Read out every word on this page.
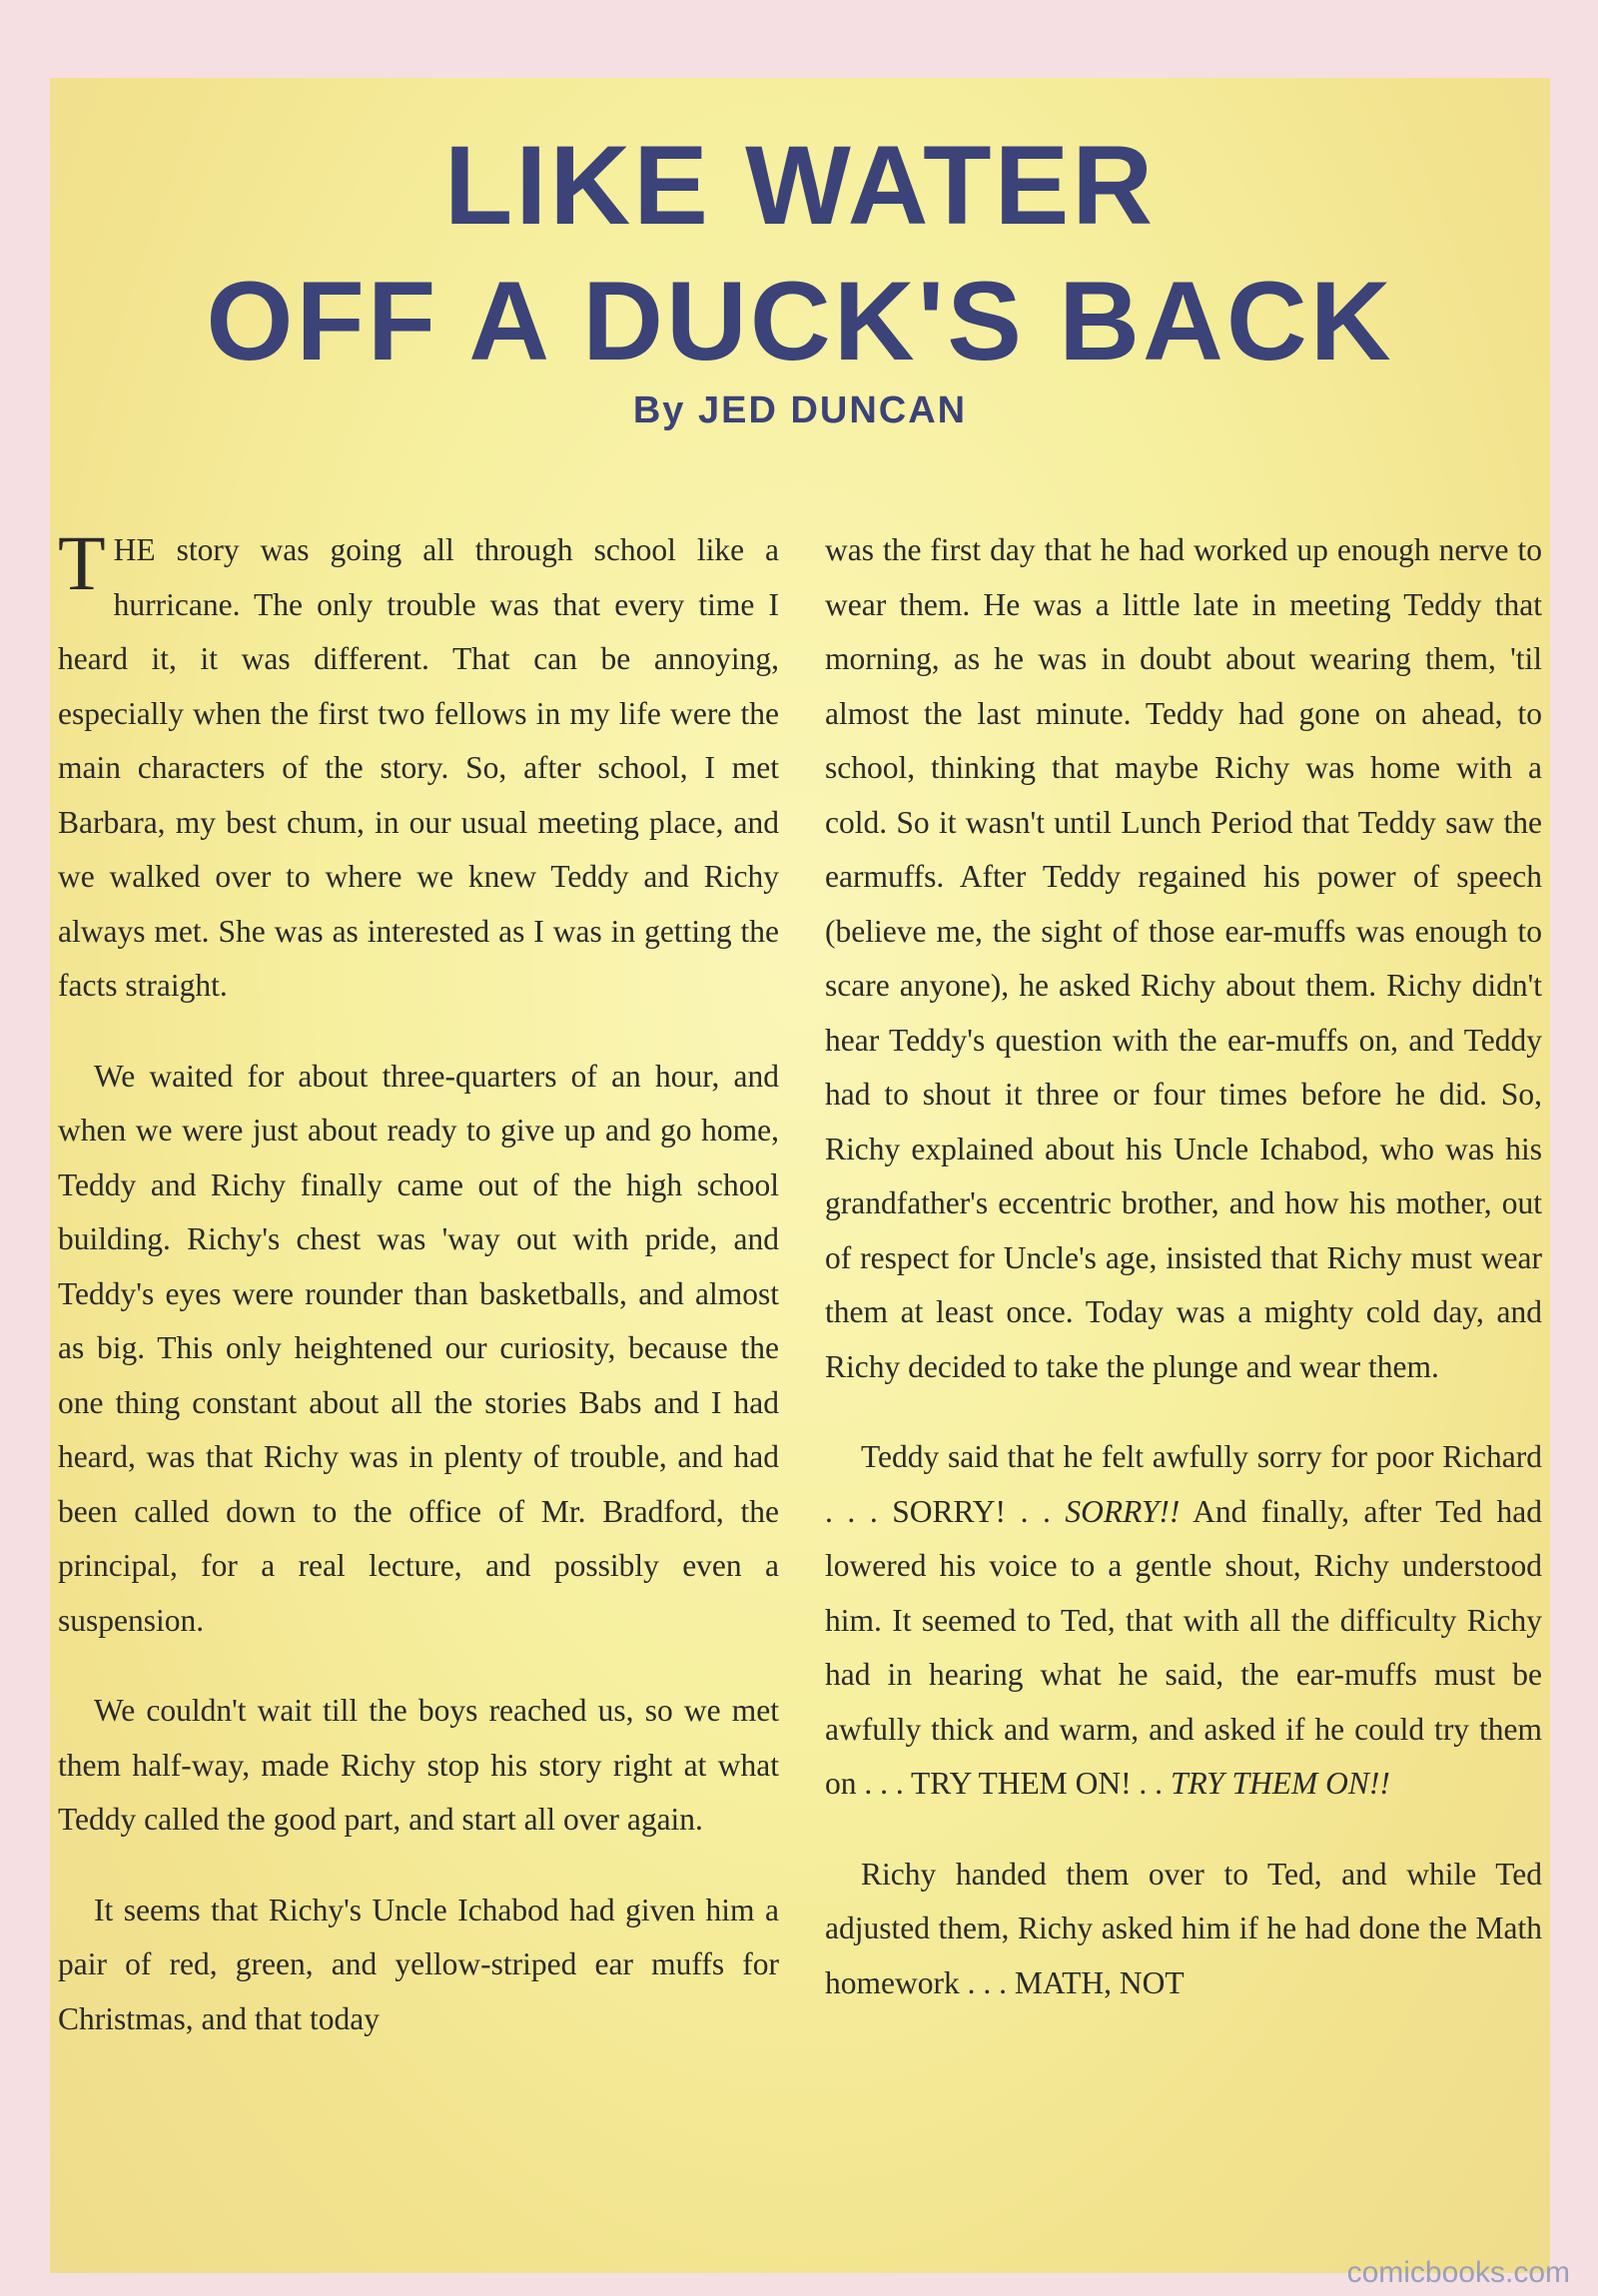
LIKE WATER
OFF A DUCK'S BACK
By JED DUNCAN

THE story was going all through school like a hurricane. The only trouble was that every time I heard it, it was different. That can be annoying, especially when the first two fellows in my life were the main characters of the story. So, after school, I met Barbara, my best chum, in our usual meeting place, and we walked over to where we knew Teddy and Richy always met. She was as interested as I was in getting the facts straight.

We waited for about three-quarters of an hour, and when we were just about ready to give up and go home, Teddy and Richy finally came out of the high school building. Richy's chest was 'way out with pride, and Teddy's eyes were rounder than basketballs, and almost as big. This only heightened our curiosity, because the one thing constant about all the stories Babs and I had heard, was that Richy was in plenty of trouble, and had been called down to the office of Mr. Bradford, the principal, for a real lecture, and possibly even a suspension.

We couldn't wait till the boys reached us, so we met them half-way, made Richy stop his story right at what Teddy called the good part, and start all over again.

It seems that Richy's Uncle Ichabod had given him a pair of red, green, and yellow-striped ear muffs for Christmas, and that today

was the first day that he had worked up enough nerve to wear them. He was a little late in meeting Teddy that morning, as he was in doubt about wearing them, 'til almost the last minute. Teddy had gone on ahead, to school, thinking that maybe Richy was home with a cold. So it wasn't until Lunch Period that Teddy saw the earmuffs. After Teddy regained his power of speech (believe me, the sight of those ear-muffs was enough to scare anyone), he asked Richy about them. Richy didn't hear Teddy's question with the ear-muffs on, and Teddy had to shout it three or four times before he did. So, Richy explained about his Uncle Ichabod, who was his grandfather's eccentric brother, and how his mother, out of respect for Uncle's age, insisted that Richy must wear them at least once. Today was a mighty cold day, and Richy decided to take the plunge and wear them.

Teddy said that he felt awfully sorry for poor Richard . . . SORRY! . . SORRY!! And finally, after Ted had lowered his voice to a gentle shout, Richy understood him. It seemed to Ted, that with all the difficulty Richy had in hearing what he said, the ear-muffs must be awfully thick and warm, and asked if he could try them on . . . TRY THEM ON! . . TRY THEM ON!!

Richy handed them over to Ted, and while Ted adjusted them, Richy asked him if he had done the Math homework . . . MATH, NOT

comicbooks.com
